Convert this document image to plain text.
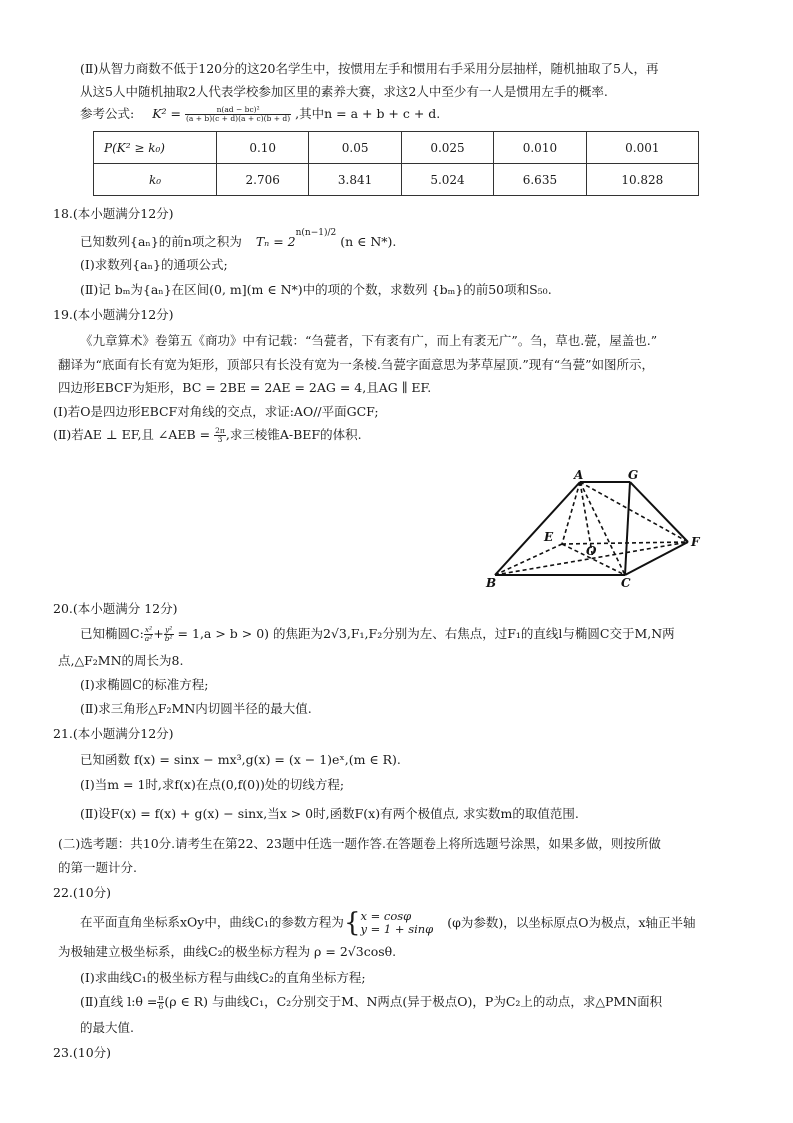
(Ⅱ)从智力商数不低于120分的这20名学生中，按惯用左手和惯用右手采用分层抽样，随机抽取了5人，再
从这5人中随机抽取2人代表学校参加区里的素养大赛，求这2人中至少有一人是惯用左手的概率.
参考公式: $K^2 = \frac{\text{n(ad − bc)²}}{(a + b)(c + d)(a + c)(b + d)}$ ,其中n = a + b + c + d.
P(K² ≥ k₀)	0.10	0.05	0.025	0.010	0.001
k₀	2.706	3.841	5.024	6.635	10.828
18.(本小题满分12分)
已知数列{aₙ}的前n项之积为 $T_n = 2^{n(n-1)/2}$ (n ∈ N*).
(Ⅰ)求数列{aₙ}的通项公式;
(Ⅱ)记 bₘ为{aₙ}在区间(0, m](m ∈ N*)中的项的个数，求数列 {bₘ}的前50项和S₅₀.
19.(本小题满分12分)
《九章算术》卷第五《商功》中有记载：“刍甍者，下有袤有广，而上有袤无广”。刍，草也.甍，屋盖也.”
翻译为“底面有长有宽为矩形，顶部只有长没有宽为一条棱.刍甍字面意思为茅草屋顶.”现有“刍甍”如图所示，
四边形EBCF为矩形，BC = 2BE = 2AE = 2AG = 4,且AG ∥ EF.
(Ⅰ)若O是四边形EBCF对角线的交点，求证:AO//平面GCF;
(Ⅱ)若AE ⊥ EF,且 ∠AEB = $\frac{2\pi}{3}$ ,求三棱锥A-BEF的体积.
A	G
E	F
O
B	C
20.(本小题满分 12分)
已知椭圆C: $\frac{\text{x²}}{\text{a²}} + \frac{\text{y²}}{\text{b²}} = 1,a > b > 0$) 的焦距为2√3,F₁,F₂分别为左、右焦点，过F₁的直线l与椭圆C交于M,N两
点,△F₂MN的周长为8.
(Ⅰ)求椭圆C的标准方程;
(Ⅱ)求三角形△F₂MN内切圆半径的最大值.
21.(本小题满分12分)
已知函数 f(x) = sinx − mx³,g(x) = (x − 1)eˣ,(m ∈ R).
(Ⅰ)当m = 1时,求f(x)在点(0,f(0))处的切线方程;
(Ⅱ)设F(x) = f(x) + g(x) − sinx,当x > 0时,函数F(x)有两个极值点, 求实数m的取值范围.
(二)选考题：共10分.请考生在第22、23题中任选一题作答.在答题卷上将所选题号涂黑，如果多做，则按所做
的第一题计分.
22.(10分)
在平面直角坐标系xOy中，曲线C₁的参数方程为{ x = cosφ
y = 1 + sinφ (φ为参数)，以坐标原点O为极点，x轴正半轴
为极轴建立极坐标系，曲线C₂的极坐标方程为 ρ = 2√3cosθ.
(Ⅰ)求曲线C₁的极坐标方程与曲线C₂的直角坐标方程;
(Ⅱ)直线 l:θ = $\frac{\pi}{6} (\rho$ ∈ R) 与曲线C₁，C₂分别交于M、N两点(异于极点O)，P为C₂上的动点，求△PMN面积
的最大值.
23.(10分)
